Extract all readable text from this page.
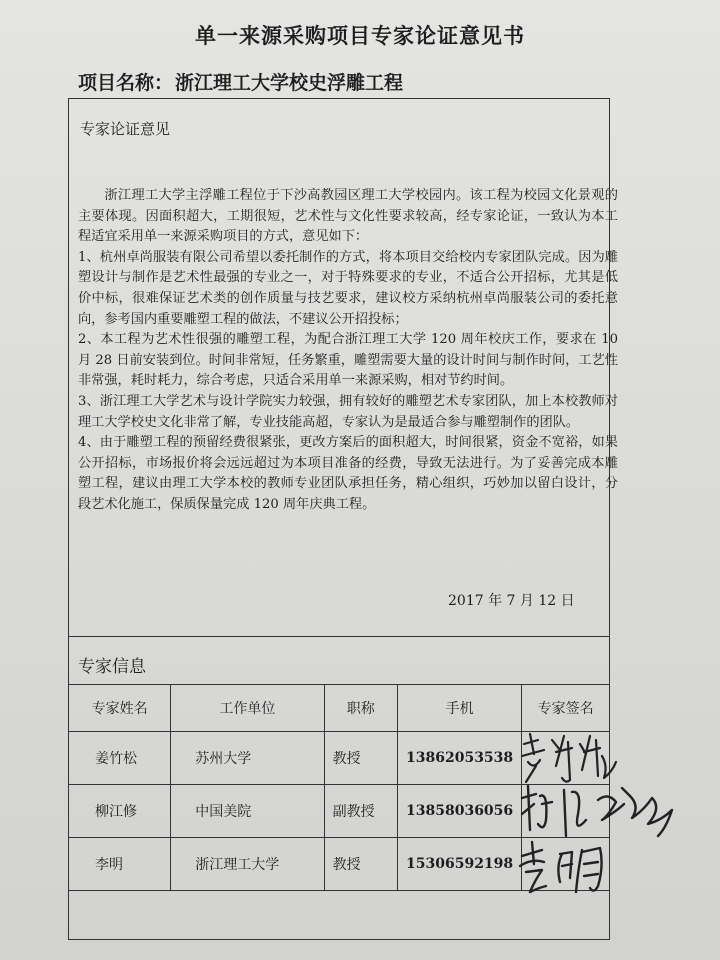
单一来源采购项目专家论证意见书
项目名称： 浙江理工大学校史浮雕工程
专家论证意见

浙江理工大学主浮雕工程位于下沙高教园区理工大学校园内。该工程为校园文化景观的主要体现。因面积超大，工期很短，艺术性与文化性要求较高，经专家论证，一致认为本工程适宜采用单一来源采购项目的方式，意见如下：

1、杭州卓尚服装有限公司希望以委托制作的方式，将本项目交给校内专家团队完成。因为雕塑设计与制作是艺术性最强的专业之一，对于特殊要求的专业，不适合公开招标，尤其是低价中标，很难保证艺术类的创作质量与技艺要求，建议校方采纳杭州卓尚服装公司的委托意向，参考国内重要雕塑工程的做法，不建议公开招投标；

2、本工程为艺术性很强的雕塑工程，为配合浙江理工大学 120 周年校庆工作，要求在 10 月 28 日前安装到位。时间非常短，任务繁重，雕塑需要大量的设计时间与制作时间，工艺性非常强，耗时耗力，综合考虑，只适合采用单一来源采购，相对节约时间。

3、浙江理工大学艺术与设计学院实力较强，拥有较好的雕塑艺术专家团队，加上本校教师对理工大学校史文化非常了解，专业技能高超，专家认为是最适合参与雕塑制作的团队。

4、由于雕塑工程的预留经费很紧张，更改方案后的面积超大，时间很紧，资金不宽裕，如果公开招标，市场报价将会远远超过为本项目准备的经费，导致无法进行。为了妥善完成本雕塑工程，建议由理工大学本校的教师专业团队承担任务，精心组织，巧妙加以留白设计，分段艺术化施工，保质保量完成 120 周年庆典工程。

2017 年 7 月 12 日
专家信息
专家姓名	工作单位	职称	手机	专家签名
姜竹松	苏州大学	教授	13862053538	
柳江修	中国美院	副教授	13858036056	
李明	浙江理工大学	教授	15306592198	
